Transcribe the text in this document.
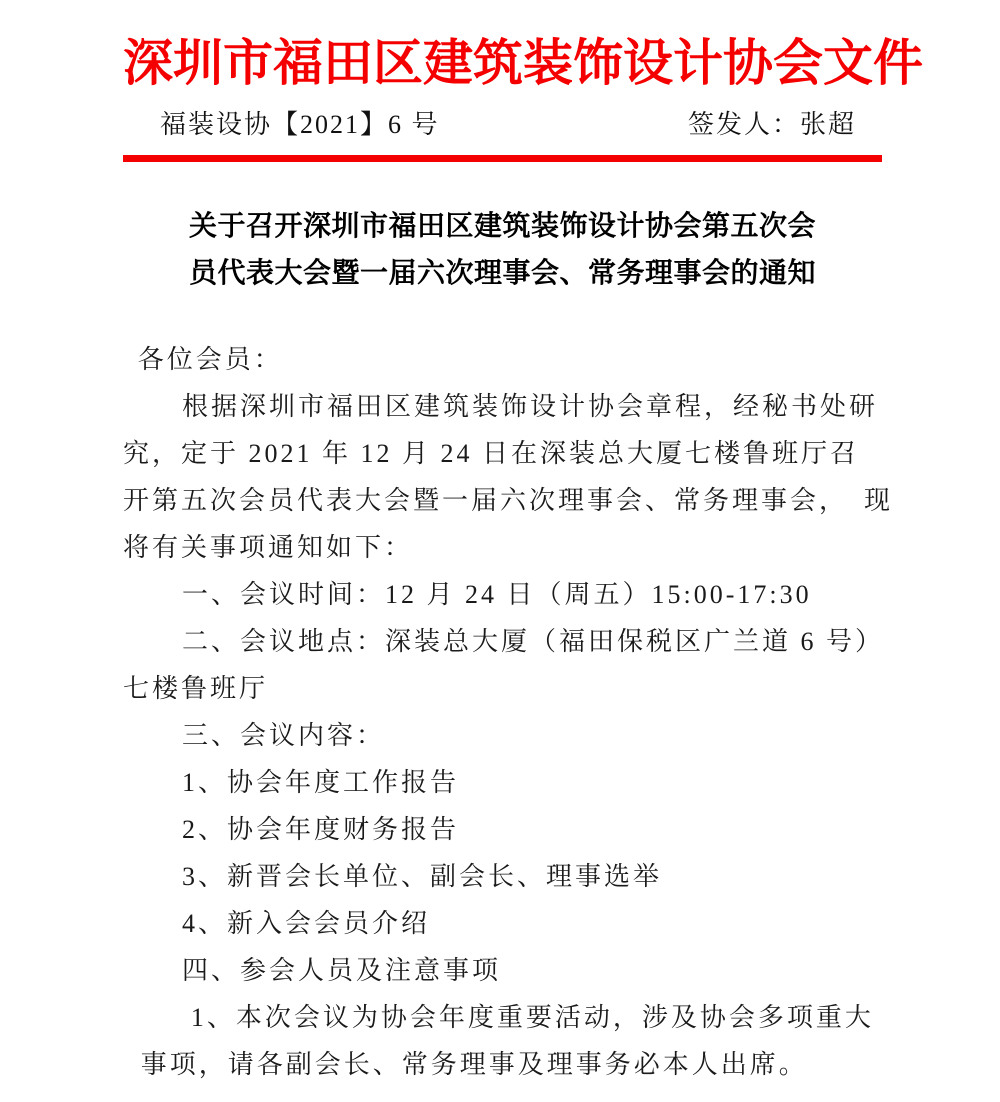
深圳市福田区建筑装饰设计协会文件
福装设协【2021】6 号	签发人：张超
关于召开深圳市福田区建筑装饰设计协会第五次会
员代表大会暨一届六次理事会、常务理事会的通知
各位会员：
根据深圳市福田区建筑装饰设计协会章程，经秘书处研
究，定于 2021 年 12 月 24 日在深装总大厦七楼鲁班厅召
开第五次会员代表大会暨一届六次理事会、常务理事会，　现
将有关事项通知如下：
一、会议时间：12 月 24 日（周五）15:00-17:30
二、会议地点：深装总大厦（福田保税区广兰道 6 号）
七楼鲁班厅
三、会议内容：
1、协会年度工作报告
2、协会年度财务报告
3、新晋会长单位、副会长、理事选举
4、新入会会员介绍
四、参会人员及注意事项
1、本次会议为协会年度重要活动，涉及协会多项重大
事项，请各副会长、常务理事及理事务必本人出席。
